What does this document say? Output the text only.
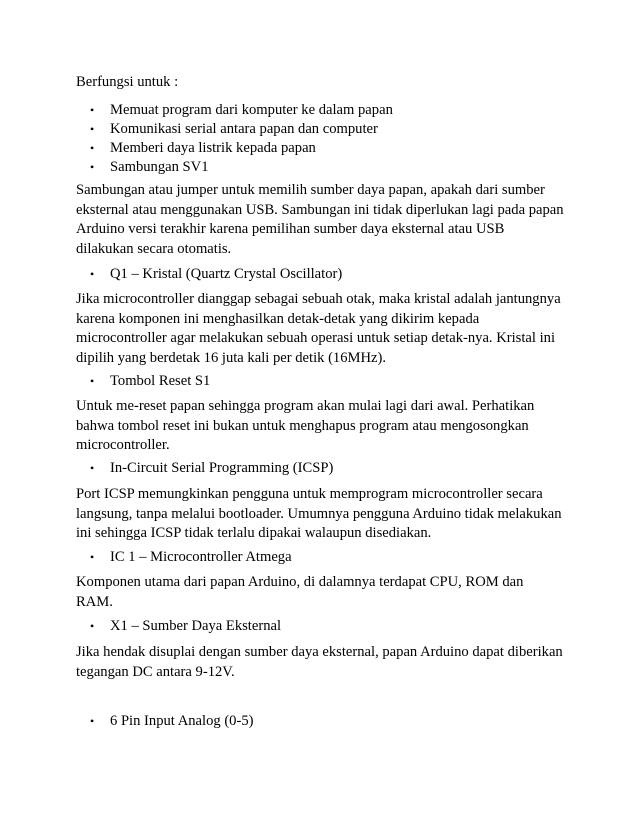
Berfungsi untuk :
• Memuat program dari komputer ke dalam papan
• Komunikasi serial antara papan dan computer
• Memberi daya listrik kepada papan
• Sambungan SV1
Sambungan atau jumper untuk memilih sumber daya papan, apakah dari sumber
eksternal atau menggunakan USB. Sambungan ini tidak diperlukan lagi pada papan
Arduino versi terakhir karena pemilihan sumber daya eksternal atau USB
dilakukan secara otomatis.
• Q1 – Kristal (Quartz Crystal Oscillator)
Jika microcontroller dianggap sebagai sebuah otak, maka kristal adalah jantungnya
karena komponen ini menghasilkan detak-detak yang dikirim kepada
microcontroller agar melakukan sebuah operasi untuk setiap detak-nya. Kristal ini
dipilih yang berdetak 16 juta kali per detik (16MHz).
• Tombol Reset S1
Untuk me-reset papan sehingga program akan mulai lagi dari awal. Perhatikan
bahwa tombol reset ini bukan untuk menghapus program atau mengosongkan
microcontroller.
• In-Circuit Serial Programming (ICSP)
Port ICSP memungkinkan pengguna untuk memprogram microcontroller secara
langsung, tanpa melalui bootloader. Umumnya pengguna Arduino tidak melakukan
ini sehingga ICSP tidak terlalu dipakai walaupun disediakan.
• IC 1 – Microcontroller Atmega
Komponen utama dari papan Arduino, di dalamnya terdapat CPU, ROM dan
RAM.
• X1 – Sumber Daya Eksternal
Jika hendak disuplai dengan sumber daya eksternal, papan Arduino dapat diberikan
tegangan DC antara 9-12V.
• 6 Pin Input Analog (0-5)
